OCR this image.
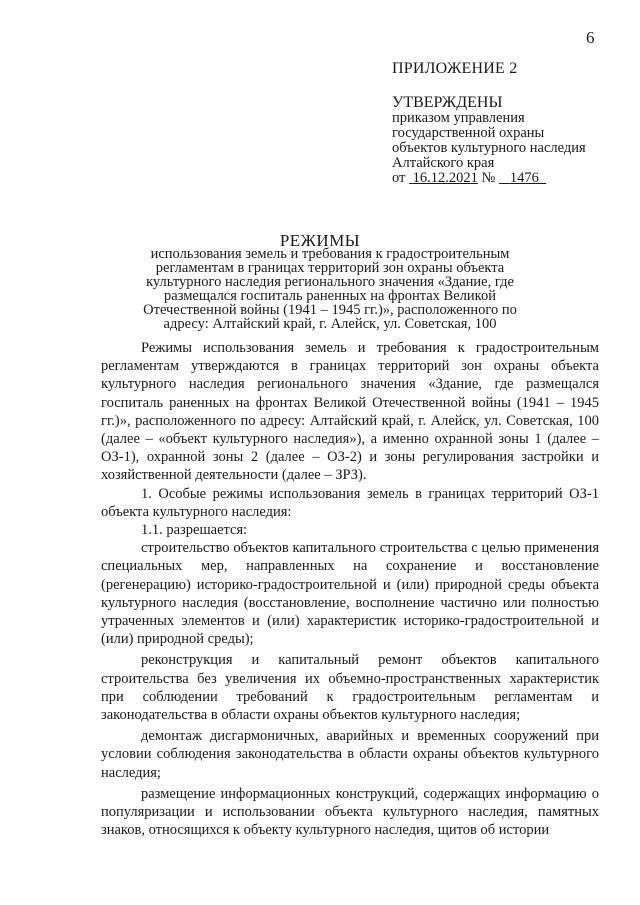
6
ПРИЛОЖЕНИЕ 2
УТВЕРЖДЕНЫ
приказом управления
государственной охраны
объектов культурного наследия
Алтайского края
от 16.12.2021 № 1476
РЕЖИМЫ
использования земель и требования к градостроительным регламентам в границах территорий зон охраны объекта культурного наследия регионального значения «Здание, где размещался госпиталь раненных на фронтах Великой Отечественной войны (1941 – 1945 гг.)», расположенного по адресу: Алтайский край, г. Алейск, ул. Советская, 100

Режимы использования земель и требования к градостроительным регламентам утверждаются в границах территорий зон охраны объекта культурного наследия регионального значения «Здание, где размещался госпиталь раненных на фронтах Великой Отечественной войны (1941 – 1945 гг.)», расположенного по адресу: Алтайский край, г. Алейск, ул. Советская, 100 (далее – «объект культурного наследия»), а именно охранной зоны 1 (далее – ОЗ-1), охранной зоны 2 (далее – ОЗ-2) и зоны регулирования застройки и хозяйственной деятельности (далее – ЗРЗ).

1. Особые режимы использования земель в границах территорий ОЗ-1 объекта культурного наследия:

1.1. разрешается:

строительство объектов капитального строительства с целью применения специальных мер, направленных на сохранение и восстановление (регенерацию) историко-градостроительной и (или) природной среды объекта культурного наследия (восстановление, восполнение частично или полностью утраченных элементов и (или) характеристик историко-градостроительной и (или) природной среды);

реконструкция и капитальный ремонт объектов капитального строительства без увеличения их объемно-пространственных характеристик при соблюдении требований к градостроительным регламентам и законодательства в области охраны объектов культурного наследия;

демонтаж дисгармоничных, аварийных и временных сооружений при условии соблюдения законодательства в области охраны объектов культурного наследия;

размещение информационных конструкций, содержащих информацию о популяризации и использовании объекта культурного наследия, памятных знаков, относящихся к объекту культурного наследия, щитов об истории
